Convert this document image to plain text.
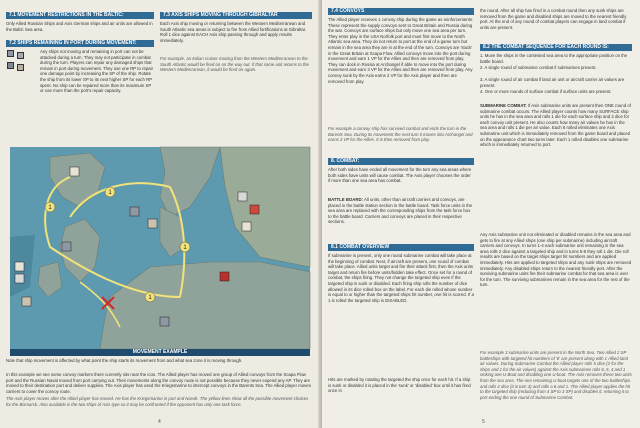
7.1 MOVEMENT RESTRICTIONS IN THE BALTIC:
Only Allied Russian Ships and Axis German ships and air units are allowed in the Baltic Sea area.
7.2 SHIPS REMAINING IN PORT DURING MOVEMENT:
Any ships not moving and remaining in port can not be attacked during a turn. They may not participate in combat during the turn. Players can repair any damaged ships that remain in port during movement. They use one RP to repair one damage point by increasing the SP of the ship. Rotate the ship from its lower SP to its next higher SP for each RP spent. No ship can be repaired more than its maximum SP or use more than the port's repair capacity.
7.3 AXIS SHIPS MOVING THROUGH GIBRALTAR
Each Axis ship moving or returning between the Western Mediterranean and South Atlantic sea areas is subject to fire from Allied fortifications at Gibraltar. Roll 1 dice against EACH Axis ship passing through and apply results immediately.
For example, an Italian cruiser moving from the Western Mediterranean to the South Atlantic would be fired on on the way out. If that same unit returns to the Western Mediterranean, it would be fired on again.
1
1
1
1
MOVEMENT EXAMPLE
Note that ship movement is affected by what point the ship starts its movement from and what sea zone it is moving through.
In this example we see some convoy markers there currently sits near the icon. The Allied player has moved one group of Allied convoys from the Scapa Flow port and the Russian Naval moved from port carrying out. Their movements along the convoy route is not possible because they never expend any AP. They are moved to their destination port and deliver supplies. The Axis player has used the Kriegsmarine to intercept convoys in the Barents Sea. The Allied player moves carriers to cover the convoy route.
The Axis player moves after the Allied player has moved. He has the Kriegsmarine in port and Narvik. The yellow lines show all the possible movement choices for the Bismarck. Also available is the two ships of Axis type so it may be confronted if the opponent has only one task force.
4
7.4 CONVOYS
The Allied player receives 1 convoy ship during the game as reinforcements. These represent the supply convoys sent to Great Britain and Russia during the war. Convoys are surface ships but only move one sea area per turn. They enter play in the USA Norfolk port and must first move to the North Atlantic sea area. They do not return to port at the end of a game turn but remain in the sea area they are in at the end of the turn. Convoys are 'stuck' in the Great Britain at Scapa Flow. Allied convoys move into the port during movement and earn 1 VP for the Allies and then are removed from play. They can dock in Russia at Archangel if able to move into the port during movement and earn 3 VP for the Allies and then are removed from play. Any convoy sunk by the Axis earns 2 VP for the Axis player and then are removed from play.
For example a convoy ship has survived combat and ends the turn in the Barents Sea. During its movement the next turn it moves into Archangel and earns 3 VP for the Allies. It is then removed from play.
8. COMBAT:
After both sides have ended all movement for the turn any sea areas where both sides have units will cause combat. The Axis player chooses the order if more than one sea area has combat.
BATTLE BOARD: All units, other than aircraft carriers and convoys, are placed in the battle station section in the battle board. Task force units in the sea area are replaced with the corresponding ships from the task force box to the battle board. Carriers and convoys are placed in their respective sections.
8.1 COMBAT OVERVIEW
If submarine is present, only one round submarine combat will take place at the beginning of combat. Next, if aircraft are present, one round of combat will take place. Allied units target and fire their attack first, then the Axis units target and return fire before units/hidden take effect. Once set for a round of combat, the ships firing. They not change the targeted ship even if the targeted ship is sunk or disabled. Each firing ship rolls the number of dice allowed in its dice rolled box on the label. For each die rolled whose number is equal to or higher than the targeted ships hit number, one hit is scored. If a 1 is rolled the targeted ship is DISABLED.
Hits are marked by rotating the targeted the ship once for each hit. If a ship is sunk or disabled it is placed in the 'sunk' or 'disabled' box until it has fired once in
the round. After all ship has fired in a combat round then any sunk ships are removed from the game and disabled ships are moved to the nearest friendly port. At the end of any round of combat players can engage in land combat if units are present.
8.2 THE COMBAT SEQUENCE FOR EACH ROUND IS:
1. Move the ships in the contested sea area to the appropriate position on the battle board.
2. A single round of submarine combat if submarines present.
3. A single round of air combat if land air unit or aircraft carrier air values are present.
4. One or more rounds of surface combat if surface units are present.
SUBMARINE COMBAT: If Axis submarine units are present then ONE round of submarine combat occurs. The Allied player counts how many SURFACE ship units he has in the sea area and rolls 1 die for each surface ship and 2 dice for each convoy unit present. He also counts how many air values he has in the sea area and rolls 1 die per air value. Each 6 rolled eliminates one Axis submarine unit which is immediately removed from the game board and placed on the appearance chart two turns later. Each 1 rolled disables one submarine which is immediately returned to port.
Any Axis submarine unit not eliminated or disabled remains in the sea area and gets to fire at any Allied ships (one ship per submarine) including aircraft carriers and convoys. In turns 1-4 each submarine unit remaining in the sea area rolls 2 dice against a targeted ship and in turns 5-8 they roll 1 die. Die roll results are based on the target ships target hit numbers and are applied immediately. Hits are applied to targeted ships and any sunk ships are removed immediately. Any disabled ships return to the nearest friendly port. After the surviving submarine units fire their submarine combat for that sea area is over for the turn. The surviving submarines remain in the sea area for the rest of the turn.
For example 3 submarine units are present in the North Sea. Two Allied 2 SP battleships with targeted hit numbers of '6' are present along with 1 Allied land air values. During Submarine Combat the Allied player rolls 5 dice (2 for the ships and 1 for the air values) against the Axis submarines rolls 6, 5, 4 and 1 sinking one U-Boat and disabling one U-boat. The Axis removes these two units from the sea area. The one remaining U-boat targets one of the two battleships and rolls 2 dice (it is turn 3) and rolls a 6 and 1. The Allied player applies the hit to the targeted ship (reducing from 4 SP to 3 SP) and disables it, returning it to port ending the one round of Submarine Combat.
5
